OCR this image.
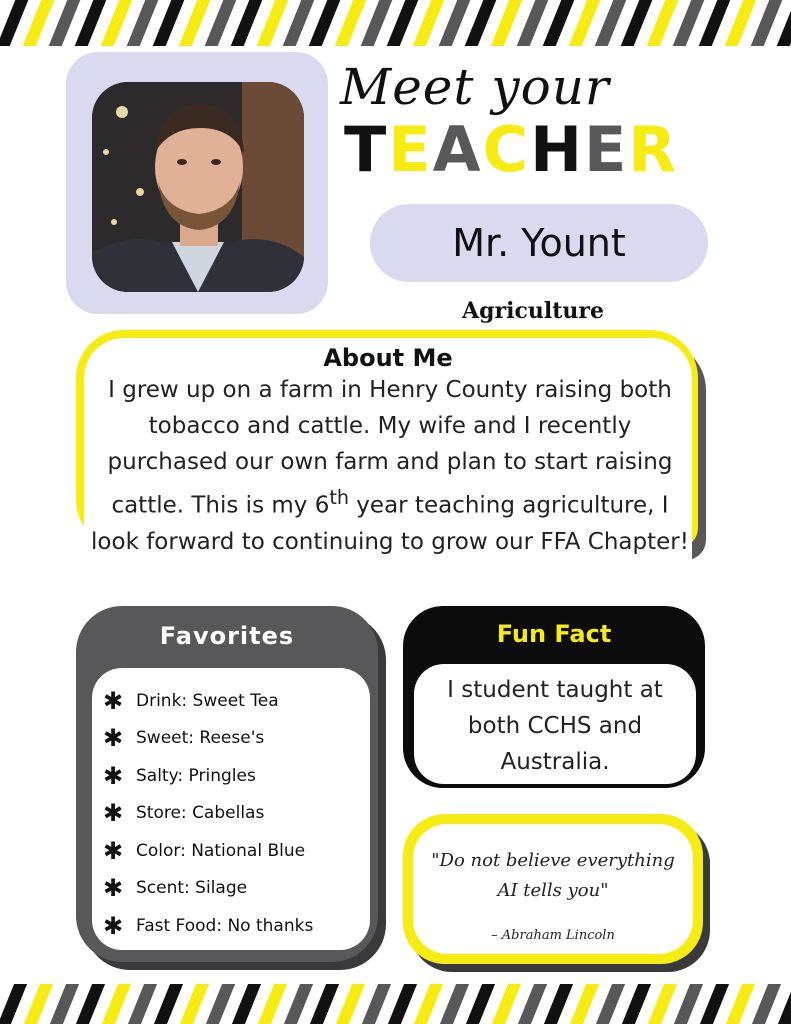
Meet your
TEACHER
Mr. Yount
Agriculture
About Me
I grew up on a farm in Henry County raising both tobacco and cattle. My wife and I recently purchased our own farm and plan to start raising cattle. This is my 6th year teaching agriculture, I look forward to continuing to grow our FFA Chapter!
Favorites
✱ Drink: Sweet Tea
✱ Sweet: Reese's
✱ Salty: Pringles
✱ Store: Cabellas
✱ Color: National Blue
✱ Scent: Silage
✱ Fast Food: No thanks
Fun Fact
I student taught at both CCHS and Australia.
"Do not believe everything AI tells you"
– Abraham Lincoln
